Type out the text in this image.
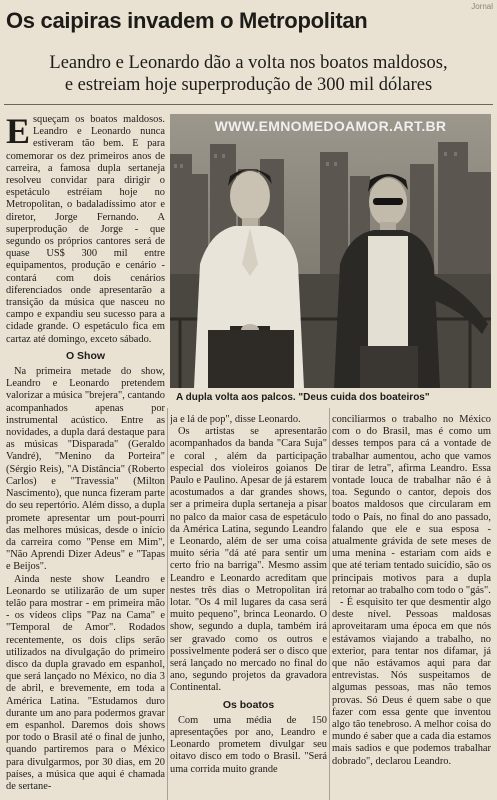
Os caipiras invadem o Metropolitan
Jornal
Leandro e Leonardo dão a volta nos boatos maldosos,
e estreiam hoje superprodução de 300 mil dólares

Esqueçam os boatos maldosos. Leandro e Leonardo nunca estiveram tão bem. E para comemorar os dez primeiros anos de carreira, a famosa dupla sertaneja resolveu convidar para dirigir o espetáculo estréiam hoje no Metropolitan, o badaladíssimo ator e diretor, Jorge Fernando. A superprodução de Jorge - que segundo os próprios cantores será de quase US$ 300 mil entre equipamentos, produção e cenário - contará com dois cenários diferenciados onde apresentarão a transição da música que nasceu no campo e expandiu seu sucesso para a cidade grande. O espetáculo fica em cartaz até domingo, exceto sábado.

O Show

Na primeira metade do show, Leandro e Leonardo pretendem valorizar a música "brejera", cantando acompanhados apenas por instrumental acústico. Entre as novidades, a dupla dará destaque para as músicas "Disparada" (Geraldo Vandré), "Menino da Porteira" (Sérgio Reis), "A Distância" (Roberto Carlos) e "Travessia" (Milton Nascimento), que nunca fizeram parte do seu repertório. Além disso, a dupla promete apresentar um pout-pourri das melhores músicas, desde o início da carreira como "Pense em Mim", "Não Aprendi Dizer Adeus" e "Tapas e Beijos".

Ainda neste show Leandro e Leonardo se utilizarão de um super telão para mostrar - em primeira mão - os vídeos clips "Paz na Cama" e "Temporal de Amor". Rodados recentemente, os dois clips serão utilizados na divulgação do primeiro disco da dupla gravado em espanhol, que será lançado no México, no dia 3 de abril, e brevemente, em toda a América Latina. "Estudamos duro durante um ano para podermos gravar em espanhol. Daremos dois shows por todo o Brasil até o final de junho, quando partiremos para o México para divulgarmos, por 30 dias, em 20 países, a música que aqui é chamada de sertane-

WWW.EMNOMEDOAMOR.ART.BR
A dupla volta aos palcos. "Deus cuida dos boateiros"

ja e lá de pop", disse Leonardo.

Os artistas se apresentarão acompanhados da banda "Cara Suja" e coral , além da participação especial dos violeiros goianos De Paulo e Paulino. Apesar de já estarem acostumados a dar grandes shows, ser a primeira dupla sertaneja a pisar no palco da maior casa de espetáculo da América Latina, segundo Leandro e Leonardo, além de ser uma coisa muito séria "dá até para sentir um certo frio na barriga". Mesmo assim Leandro e Leonardo acreditam que nestes três dias o Metropolitan irá lotar. "Os 4 mil lugares da casa será muito pequeno", brinca Leonardo. O show, segundo a dupla, também irá ser gravado como os outros e possivelmente poderá ser o disco que será lançado no mercado no final do ano, segundo projetos da gravadora Continental.

Os boatos

Com uma média de 150 apresentações por ano, Leandro e Leonardo prometem divulgar seu oitavo disco em todo o Brasil. "Será uma corrida muito grande

conciliarmos o trabalho no México com o do Brasil, mas é como um desses tempos para cá a vontade de trabalhar aumentou, acho que vamos tirar de letra", afirma Leandro. Essa vontade louca de trabalhar não é à toa. Segundo o cantor, depois dos boatos maldosos que circularam em todo o País, no final do ano passado, falando que ele e sua esposa - atualmente grávida de sete meses de uma menina - estariam com aids e que até teriam tentado suicídio, são os principais motivos para a dupla retornar ao trabalho com todo o "gás".

- É esquisito ter que desmentir algo deste nível. Pessoas maldosas aproveitaram uma época em que nós estávamos viajando a trabalho, no exterior, para tentar nos difamar, já que não estávamos aqui para dar entrevistas. Nós suspeitamos de algumas pessoas, mas não temos provas. Só Deus é quem sabe o que fazer com essa gente que inventou algo tão tenebroso. A melhor coisa do mundo é saber que a cada dia estamos mais sadios e que podemos trabalhar dobrado", declarou Leandro.
